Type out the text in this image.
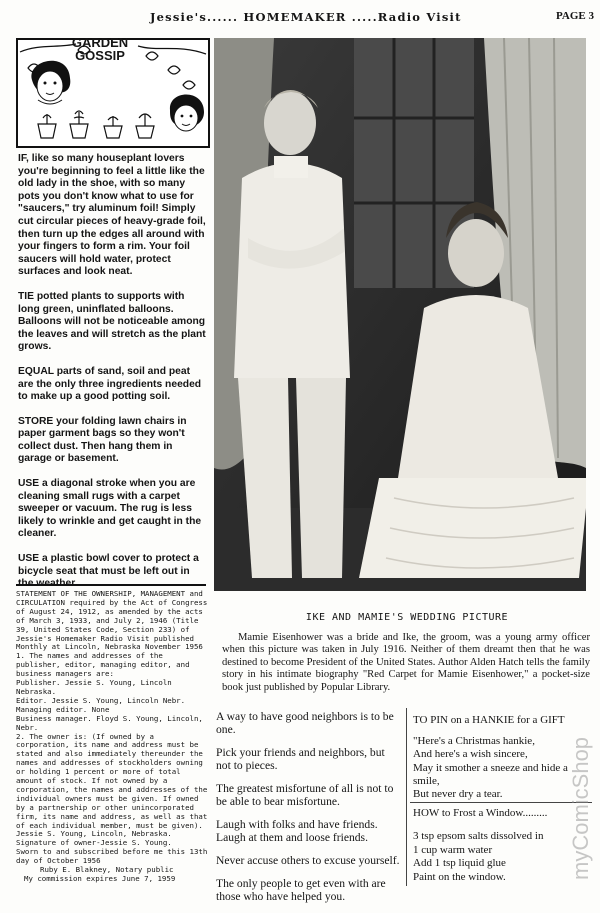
Jessie's...... HOMEMAKER .....Radio Visit	PAGE 3
GARDEN
GOSSIP

IF, like so many houseplant lovers you're beginning to feel a little like the old lady in the shoe, with so many pots you don't know what to use for "saucers," try aluminum foil! Simply cut circular pieces of heavy-grade foil, then turn up the edges all around with your fingers to form a rim. Your foil saucers will hold water, protect surfaces and look neat.

TIE potted plants to supports with long green, uninflated balloons. Balloons will not be noticeable among the leaves and will stretch as the plant grows.

EQUAL parts of sand, soil and peat are the only three ingredients needed to make up a good potting soil.

STORE your folding lawn chairs in paper garment bags so they won't collect dust. Then hang them in garage or basement.

USE a diagonal stroke when you are cleaning small rugs with a carpet sweeper or vacuum. The rug is less likely to wrinkle and get caught in the cleaner.

USE a plastic bowl cover to protect a bicycle seat that must be left out in

STATEMENT OF THE OWNERSHIP, MANAGEMENT and CIRCULATION required by the Act of Congress of August 24, 1912, as amended by the acts of March 3, 1933, and July 2, 1946 (Title 39, United States Code, Section 233) of Jessie's Homemaker Radio Visit published Monthly at Lincoln, Nebraska November 1956

1. The names and addresses of the publisher, editor, managing editor, and business managers are:

Publisher. Jessie S. Young, Lincoln Nebraska.

Editor. Jessie S. Young, Lincoln Nebr.

Managing editor. None

Business manager. Floyd S. Young, Lincoln, Nebr.

2. The owner is: (If owned by a corporation, its name and address must be stated and also immediately thereunder the names and addresses of stockholders owning or holding 1 percent or more of total amount of stock. If not owned by a corporation, the names and addresses of the individual owners must be given. If owned by a partnership or other unincorporated firm, its name and address, as well as that of each individual member, must be given).

Jessie S. Young, Lincoln, Nebraska.

Signature of owner-Jessie S. Young.

Sworn to and subscribed before me this 13th day of October 1956

Ruby E. Blakney, Notary public

My commission expires June 7, 1959

IKE AND MAMIE'S WEDDING PICTURE

Mamie Eisenhower was a bride and Ike, the groom, was a young army officer when this picture was taken in July 1916. Neither of them dreamt then that he was destined to become President of the United States. Author Alden Hatch tells the family story in his intimate biography "Red Carpet for Mamie Eisenhower," a pocket-size book just published by Popular Library.

A way to have good neighbors is to be one.

Pick your friends and neighbors, but not to pieces.

The greatest misfortune of all is not to be able to bear misfortune.

Laugh with folks and have friends. Laugh at them and loose friends.

Never accuse others to excuse yourself.

The only people to get even with are those who have helped you.

TO PIN on a HANKIE for a GIFT

"Here's a Christmas hankie,

And here's a wish sincere,

May it smother a sneeze and hide a smile,

But never dry a tear.

HOW to Frost a Window.........

3 tsp epsom salts dissolved in

1 cup warm water

Add 1 tsp liquid glue

Paint on the window.	myComicShop
